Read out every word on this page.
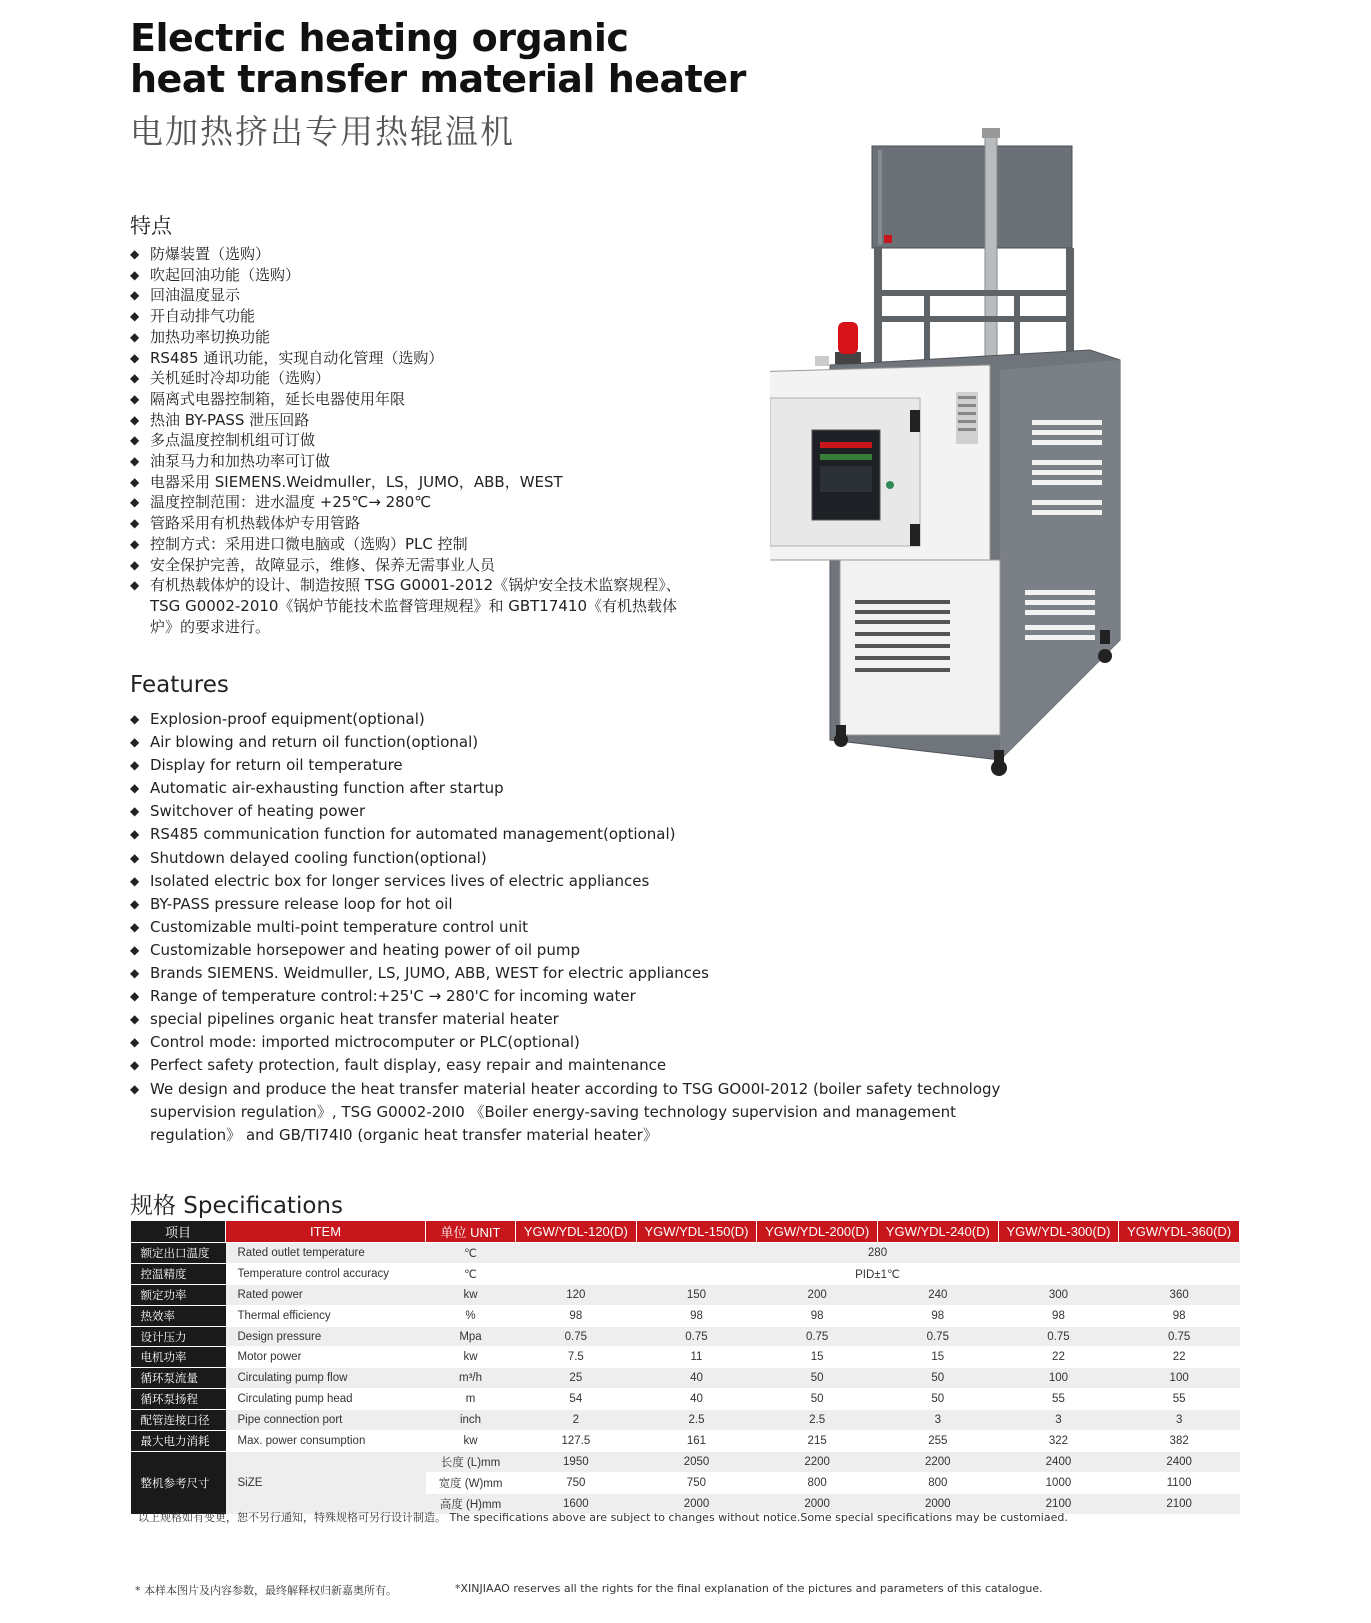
Electric heating organic
heat transfer material heater
电加热挤出专用热辊温机
特点
◆ 防爆装置（选购）
◆ 吹起回油功能（选购）
◆ 回油温度显示
◆ 开自动排气功能
◆ 加热功率切换功能
◆ RS485 通讯功能，实现自动化管理（选购）
◆ 关机延时冷却功能（选购）
◆ 隔离式电器控制箱，延长电器使用年限
◆ 热油 BY-PASS 泄压回路
◆ 多点温度控制机组可订做
◆ 油泵马力和加热功率可订做
◆ 电器采用 SIEMENS.Weidmuller，LS，JUMO，ABB，WEST
◆ 温度控制范围：进水温度 +25℃→ 280℃
◆ 管路采用有机热载体炉专用管路
◆ 控制方式：采用进口微电脑或（选购）PLC 控制
◆ 安全保护完善，故障显示，维修、保养无需事业人员
◆ 有机热载体炉的设计、制造按照 TSG G0001-2012《锅炉安全技术监察规程》、TSG G0002-2010《锅炉节能技术监督管理规程》和 GBT17410《有机热载体炉》的要求进行。
Features
◆ Explosion-proof equipment(optional)
◆ Air blowing and return oil function(optional)
◆ Display for return oil temperature
◆ Automatic air-exhausting function after startup
◆ Switchover of heating power
◆ RS485 communication function for automated management(optional)
◆ Shutdown delayed cooling function(optional)
◆ Isolated electric box for longer services lives of electric appliances
◆ BY-PASS pressure release loop for hot oil
◆ Customizable multi-point temperature control unit
◆ Customizable horsepower and heating power of oil pump
◆ Brands SIEMENS. Weidmuller, LS, JUMO, ABB, WEST for electric appliances
◆ Range of temperature control:+25'C → 280'C for incoming water
◆ special pipelines organic heat transfer material heater
◆ Control mode: imported mictrocomputer or PLC(optional)
◆ Perfect safety protection, fault display, easy repair and maintenance
◆ We design and produce the heat transfer material heater according to TSG GO00I-2012 (boiler safety technology supervision regulation》, TSG G0002-20I0 《Boiler energy-saving technology supervision and management regulation》 and GB/TI74I0 (organic heat transfer material heater》
规格 Specifications
项目	ITEM	单位 UNIT	YGW/YDL-120(D)	YGW/YDL-150(D)	YGW/YDL-200(D)	YGW/YDL-240(D)	YGW/YDL-300(D)	YGW/YDL-360(D)
额定出口温度	Rated outlet temperature	℃	280					
控温精度	Temperature control accuracy	℃	PID±1℃					
额定功率	Rated power	kw	120	150	200	240	300	360
热效率	Thermal efficiency	%	98	98	98	98	98	98
设计压力	Design pressure	Mpa	0.75	0.75	0.75	0.75	0.75	0.75
电机功率	Motor power	kw	7.5	11	15	15	22	22
循环泵流量	Circulating pump flow	m³/h	25	40	50	50	100	100
循环泵扬程	Circulating pump head	m	54	40	50	50	55	55
配管连接口径	Pipe connection port	inch	2	2.5	2.5	3	3	3
最大电力消耗	Max. power consumption	kw	127.5	161	215	255	322	382
整机参考尺寸	SiZE	长度 (L)mm	1950	2050	2200	2200	2400	2400
		宽度 (W)mm	750	750	800	800	1000	1100
		高度 (H)mm	1600	2000	2000	2000	2100	2100
以上规格如有变更，恕不另行通知，特殊规格可另行设计制造。 The specifications above are subject to changes without notice.Some special specifications may be customiaed.
* 本样本图片及内容参数，最终解释权归新嘉奥所有。	*XINJIAAO reserves all the rights for the final explanation of the pictures and parameters of this catalogue.
